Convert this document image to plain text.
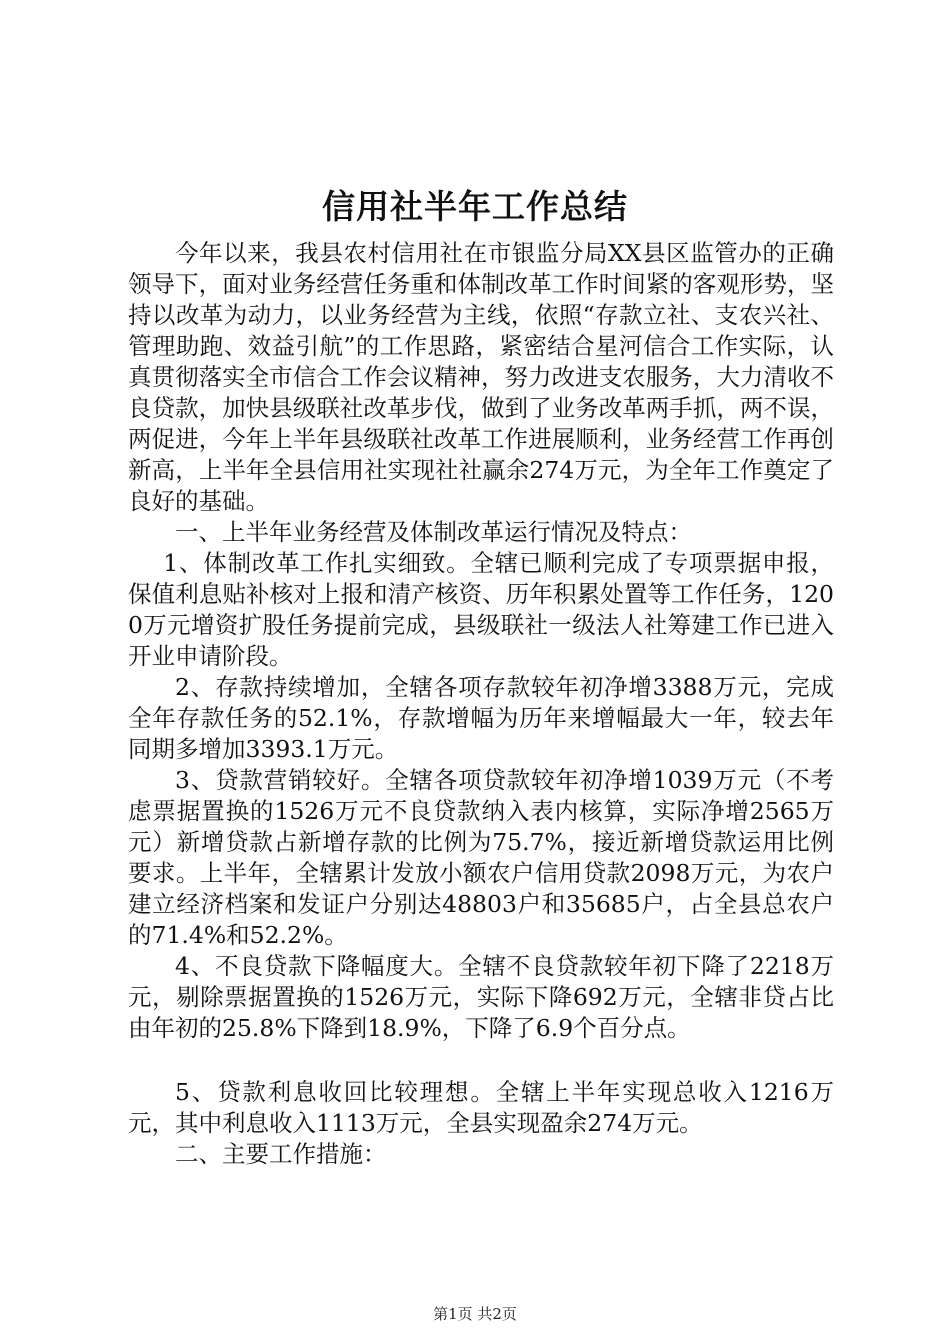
信用社半年工作总结

今年以来，我县农村信用社在市银监分局XX县区监管办的正确领导下，面对业务经营任务重和体制改革工作时间紧的客观形势，坚持以改革为动力，以业务经营为主线，依照“存款立社、支农兴社、管理助跑、效益引航”的工作思路，紧密结合星河信合工作实际，认真贯彻落实全市信合工作会议精神，努力改进支农服务，大力清收不良贷款，加快县级联社改革步伐，做到了业务改革两手抓，两不误，两促进，今年上半年县级联社改革工作进展顺利，业务经营工作再创新高，上半年全县信用社实现社社赢余274万元，为全年工作奠定了良好的基础。

一、上半年业务经营及体制改革运行情况及特点：

1、体制改革工作扎实细致。全辖已顺利完成了专项票据申报，保值利息贴补核对上报和清产核资、历年积累处置等工作任务，1200万元增资扩股任务提前完成，县级联社一级法人社筹建工作已进入开业申请阶段。

2、存款持续增加，全辖各项存款较年初净增3388万元，完成全年存款任务的52.1%，存款增幅为历年来增幅最大一年，较去年同期多增加3393.1万元。

3、贷款营销较好。全辖各项贷款较年初净增1039万元（不考虑票据置换的1526万元不良贷款纳入表内核算，实际净增2565万元）新增贷款占新增存款的比例为75.7%，接近新增贷款运用比例要求。上半年，全辖累计发放小额农户信用贷款2098万元，为农户建立经济档案和发证户分别达48803户和35685户，占全县总农户的71.4%和52.2%。

4、不良贷款下降幅度大。全辖不良贷款较年初下降了2218万元，剔除票据置换的1526万元，实际下降692万元，全辖非贷占比由年初的25.8%下降到18.9%，下降了6.9个百分点。

5、贷款利息收回比较理想。全辖上半年实现总收入1216万元，其中利息收入1113万元，全县实现盈余274万元。

二、主要工作措施：

第1页 共2页
